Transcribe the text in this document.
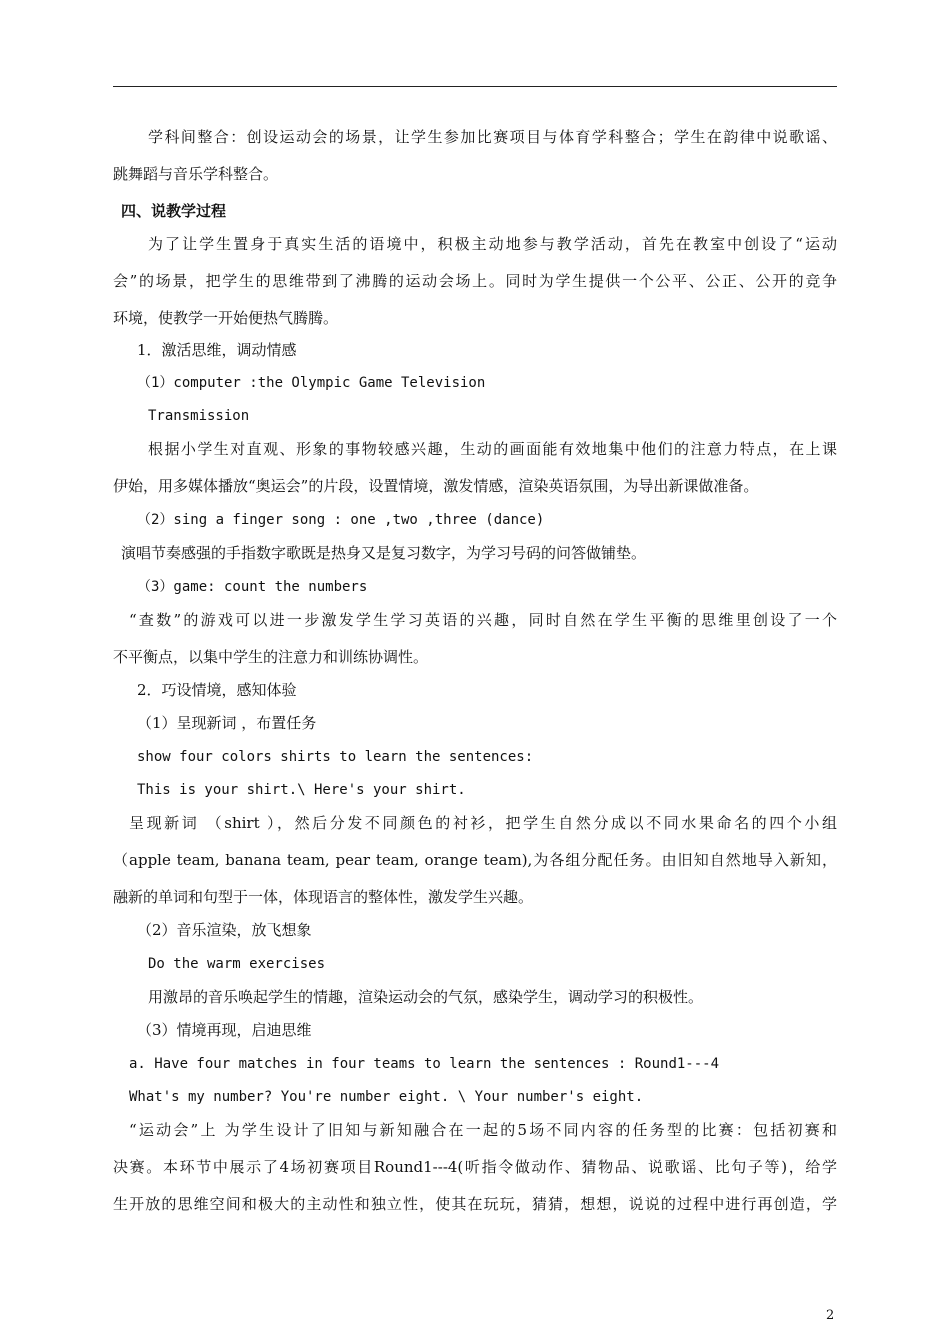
学科间整合：创设运动会的场景，让学生参加比赛项目与体育学科整合；学生在韵律中说歌谣、
跳舞蹈与音乐学科整合。
四、说教学过程
为了让学生置身于真实生活的语境中，积极主动地参与教学活动，首先在教室中创设了“运动
会”的场景，把学生的思维带到了沸腾的运动会场上。同时为学生提供一个公平、公正、公开的竞争
环境，使教学一开始便热气腾腾。
1．激活思维，调动情感
（1）computer :the Olympic Game Television
Transmission
根据小学生对直观、形象的事物较感兴趣，生动的画面能有效地集中他们的注意力特点，在上课
伊始，用多媒体播放“奥运会”的片段，设置情境，激发情感，渲染英语氛围，为导出新课做准备。
（2）sing a finger song : one ,two ,three (dance)
演唱节奏感强的手指数字歌既是热身又是复习数字，为学习号码的问答做铺垫。
（3）game: count the numbers
“查数”的游戏可以进一步激发学生学习英语的兴趣，同时自然在学生平衡的思维里创设了一个
不平衡点，以集中学生的注意力和训练协调性。
2．巧设情境，感知体验
（1）呈现新词 ，布置任务
show four colors shirts to learn the sentences:
This is your shirt.\ Here's your shirt.
呈现新词 （shirt ），然后分发不同颜色的衬衫，把学生自然分成以不同水果命名的四个小组
（apple team, banana team, pear team, orange team),为各组分配任务。由旧知自然地导入新知，
融新的单词和句型于一体，体现语言的整体性，激发学生兴趣。
（2）音乐渲染，放飞想象
Do the warm exercises
用激昂的音乐唤起学生的情趣，渲染运动会的气氛，感染学生，调动学习的积极性。
（3）情境再现，启迪思维
a. Have four matches in four teams to learn the sentences : Round1---4
What's my number? You're number eight. \ Your number's eight.
“运动会”上 为学生设计了旧知与新知融合在一起的5场不同内容的任务型的比赛：包括初赛和
决赛。本环节中展示了4场初赛项目Round1---4(听指令做动作、猜物品、说歌谣、比句子等)，给学
生开放的思维空间和极大的主动性和独立性，使其在玩玩，猜猜，想想，说说的过程中进行再创造，学
2
